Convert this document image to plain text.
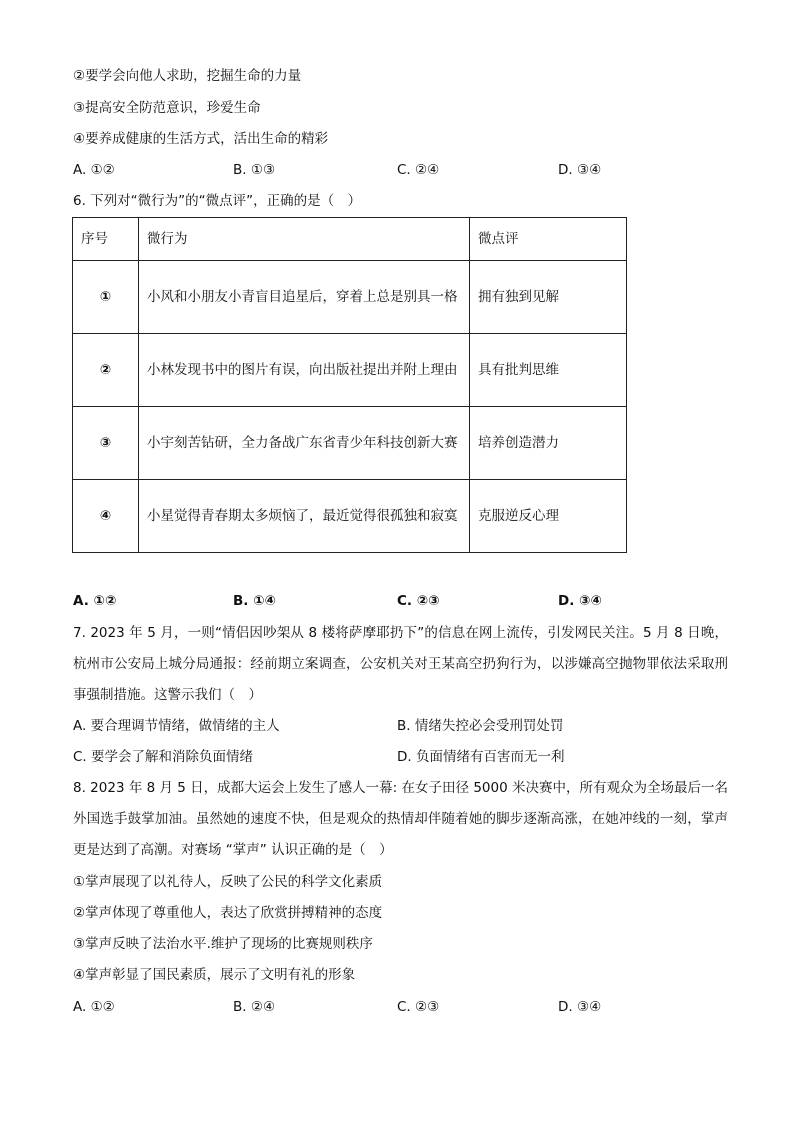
②要学会向他人求助，挖掘生命的力量
③提高安全防范意识，珍爱生命
④要养成健康的生活方式，活出生命的精彩
A. ①②	B. ①③	C. ②④	D. ③④
6. 下列对“微行为”的“微点评”，正确的是（　）
序号	微行为	微点评
①	小风和小朋友小青盲目追星后，穿着上总是别具一格	拥有独到见解
②	小林发现书中的图片有误，向出版社提出并附上理由	具有批判思维
③	小宇刻苦钻研，全力备战广东省青少年科技创新大赛	培养创造潜力
④	小星觉得青春期太多烦恼了，最近觉得很孤独和寂寞	克服逆反心理
A. ①②	B. ①④	C. ②③	D. ③④
7. 2023 年 5 月，一则“情侣因吵架从 8 楼将萨摩耶扔下”的信息在网上流传，引发网民关注。5 月 8 日晚，杭州市公安局上城分局通报：经前期立案调查，公安机关对王某高空扔狗行为，以涉嫌高空抛物罪依法采取刑事强制措施。这警示我们（　）
A. 要合理调节情绪，做情绪的主人	B. 情绪失控必会受刑罚处罚
C. 要学会了解和消除负面情绪	D. 负面情绪有百害而无一利
8. 2023 年 8 月 5 日，成都大运会上发生了感人一幕: 在女子田径 5000 米决赛中，所有观众为全场最后一名外国选手鼓掌加油。虽然她的速度不快，但是观众的热情却伴随着她的脚步逐渐高涨，在她冲线的一刻，掌声更是达到了高潮。对赛场 “掌声” 认识正确的是（　）
①掌声展现了以礼待人，反映了公民的科学文化素质
②掌声体现了尊重他人，表达了欣赏拼搏精神的态度
③掌声反映了法治水平.维护了现场的比赛规则秩序
④掌声彰显了国民素质，展示了文明有礼的形象
A. ①②	B. ②④	C. ②③	D. ③④
